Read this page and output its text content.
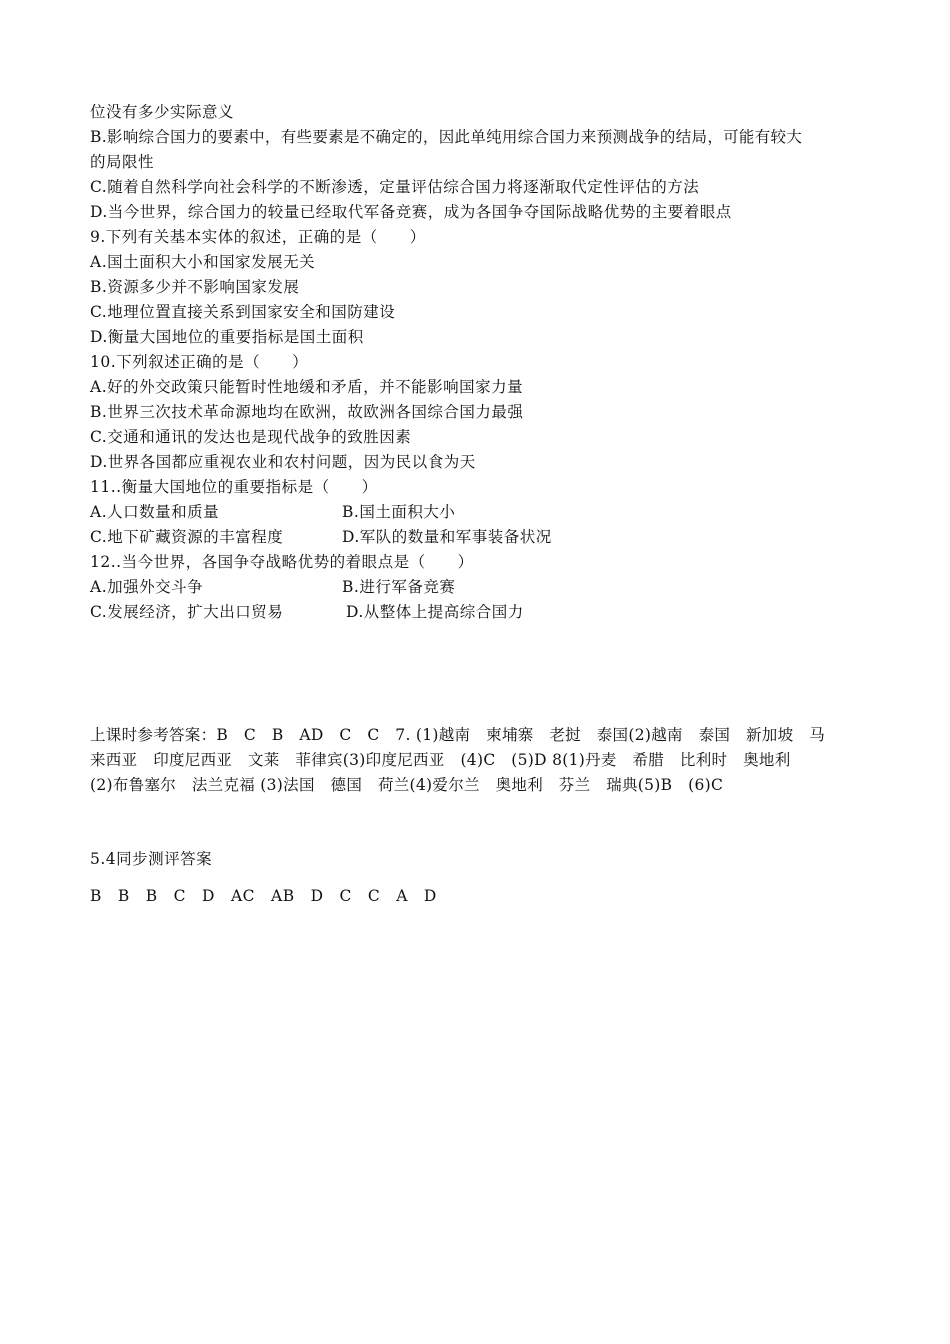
位没有多少实际意义
B.影响综合国力的要素中，有些要素是不确定的，因此单纯用综合国力来预测战争的结局，可能有较大
的局限性
C.随着自然科学向社会科学的不断渗透，定量评估综合国力将逐渐取代定性评估的方法
D.当今世界，综合国力的较量已经取代军备竞赛，成为各国争夺国际战略优势的主要着眼点
9.下列有关基本实体的叙述，正确的是（　　）
A.国土面积大小和国家发展无关
B.资源多少并不影响国家发展
C.地理位置直接关系到国家安全和国防建设
D.衡量大国地位的重要指标是国土面积
10.下列叙述正确的是（　　）
A.好的外交政策只能暂时性地缓和矛盾，并不能影响国家力量
B.世界三次技术革命源地均在欧洲，故欧洲各国综合国力最强
C.交通和通讯的发达也是现代战争的致胜因素
D.世界各国都应重视农业和农村问题，因为民以食为天
11..衡量大国地位的重要指标是（　　）
A.人口数量和质量	B.国土面积大小
C.地下矿藏资源的丰富程度	D.军队的数量和军事装备状况
12..当今世界，各国争夺战略优势的着眼点是（　　）
A.加强外交斗争	B.进行军备竞赛
C.发展经济，扩大出口贸易	D.从整体上提高综合国力
上课时参考答案：B　C　B　AD　C　C　7. (1)越南　柬埔寨　老挝　泰国(2)越南　泰国　新加坡　马
来西亚　印度尼西亚　文莱　菲律宾(3)印度尼西亚　(4)C　(5)D 8(1)丹麦　希腊　比利时　奥地利
(2)布鲁塞尔　法兰克福 (3)法国　德国　荷兰(4)爱尔兰　奥地利　芬兰　瑞典(5)B　(6)C
5.4同步测评答案
B　B　B　C　D　AC　AB　D　C　C　A　D
